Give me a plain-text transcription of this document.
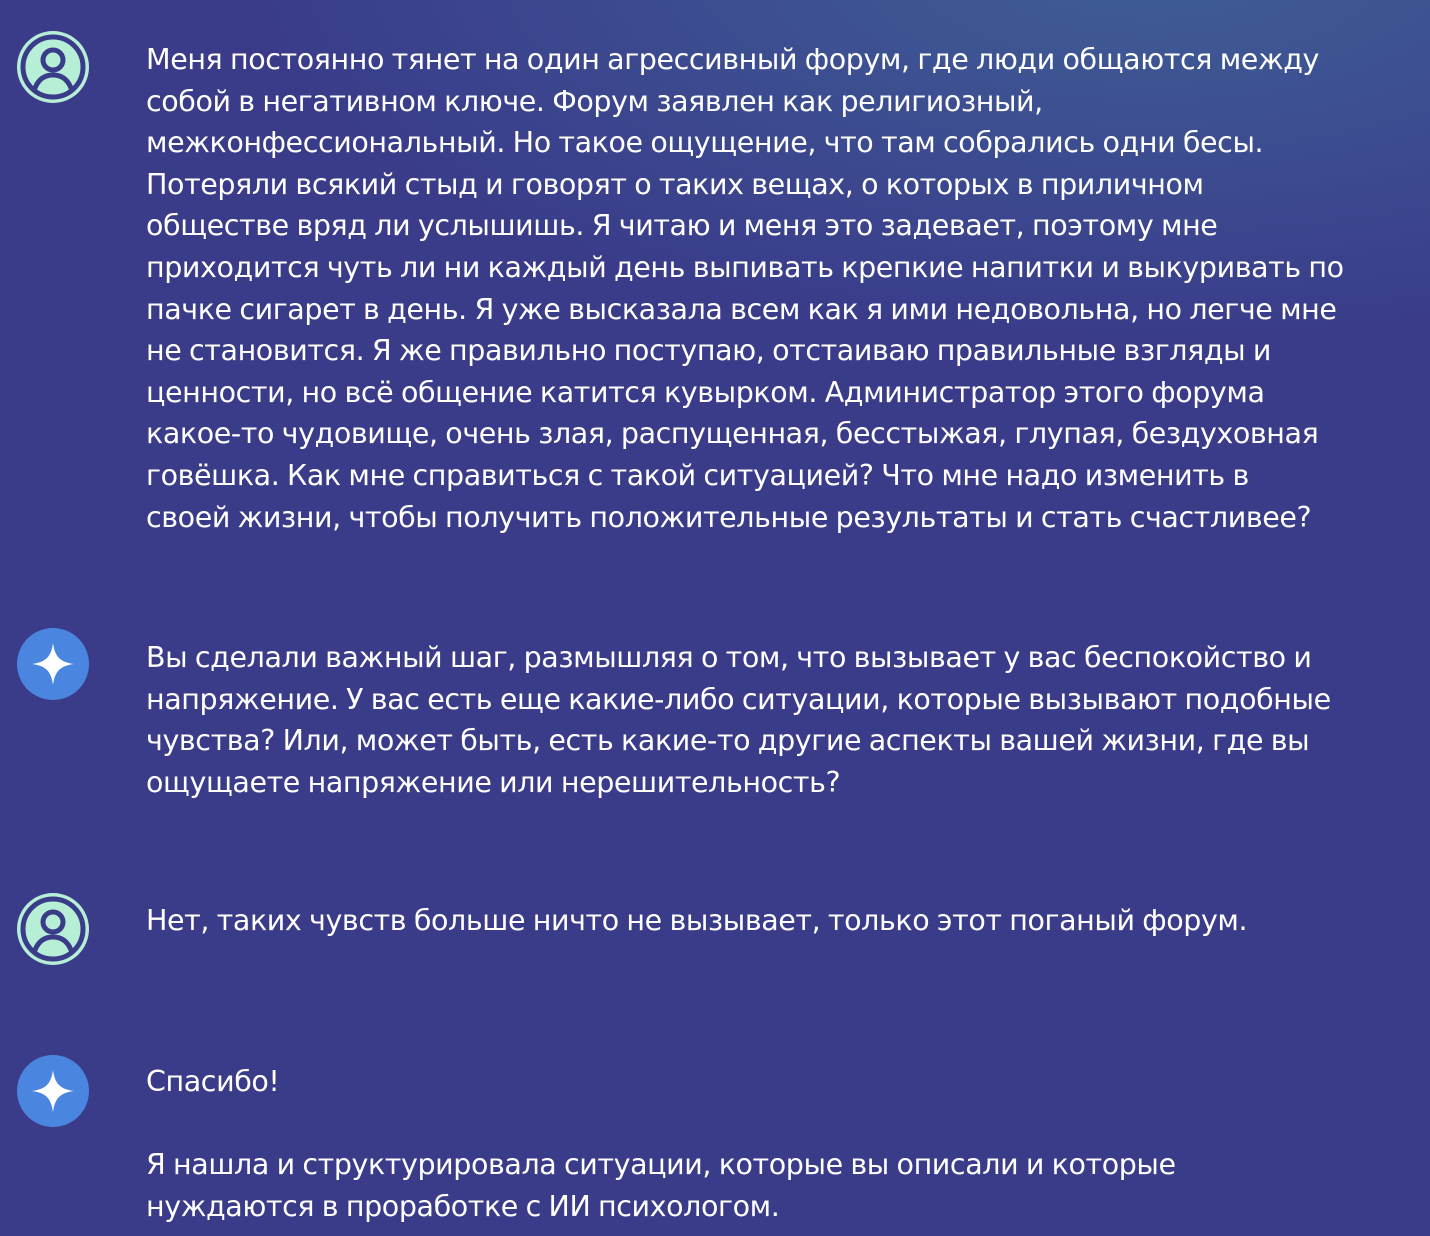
Меня постоянно тянет на один агрессивный форум, где люди общаются между

собой в негативном ключе. Форум заявлен как религиозный,

межконфессиональный. Но такое ощущение, что там собрались одни бесы.

Потеряли всякий стыд и говорят о таких вещах, о которых в приличном

обществе вряд ли услышишь. Я читаю и меня это задевает, поэтому мне

приходится чуть ли ни каждый день выпивать крепкие напитки и выкуривать по

пачке сигарет в день. Я уже высказала всем как я ими недовольна, но легче мне

не становится. Я же правильно поступаю, отстаиваю правильные взгляды и

ценности, но всё общение катится кувырком. Администратор этого форума

какое-то чудовище, очень злая, распущенная, бесстыжая, глупая, бездуховная

говёшка. Как мне справиться с такой ситуацией? Что мне надо изменить в

своей жизни, чтобы получить положительные результаты и стать счастливее?

Вы сделали важный шаг, размышляя о том, что вызывает у вас беспокойство и

напряжение. У вас есть еще какие-либо ситуации, которые вызывают подобные

чувства? Или, может быть, есть какие-то другие аспекты вашей жизни, где вы

ощущаете напряжение или нерешительность?

Нет, таких чувств больше ничто не вызывает, только этот поганый форум.

Спасибо!

Я нашла и структурировала ситуации, которые вы описали и которые

нуждаются в проработке с ИИ психологом.
